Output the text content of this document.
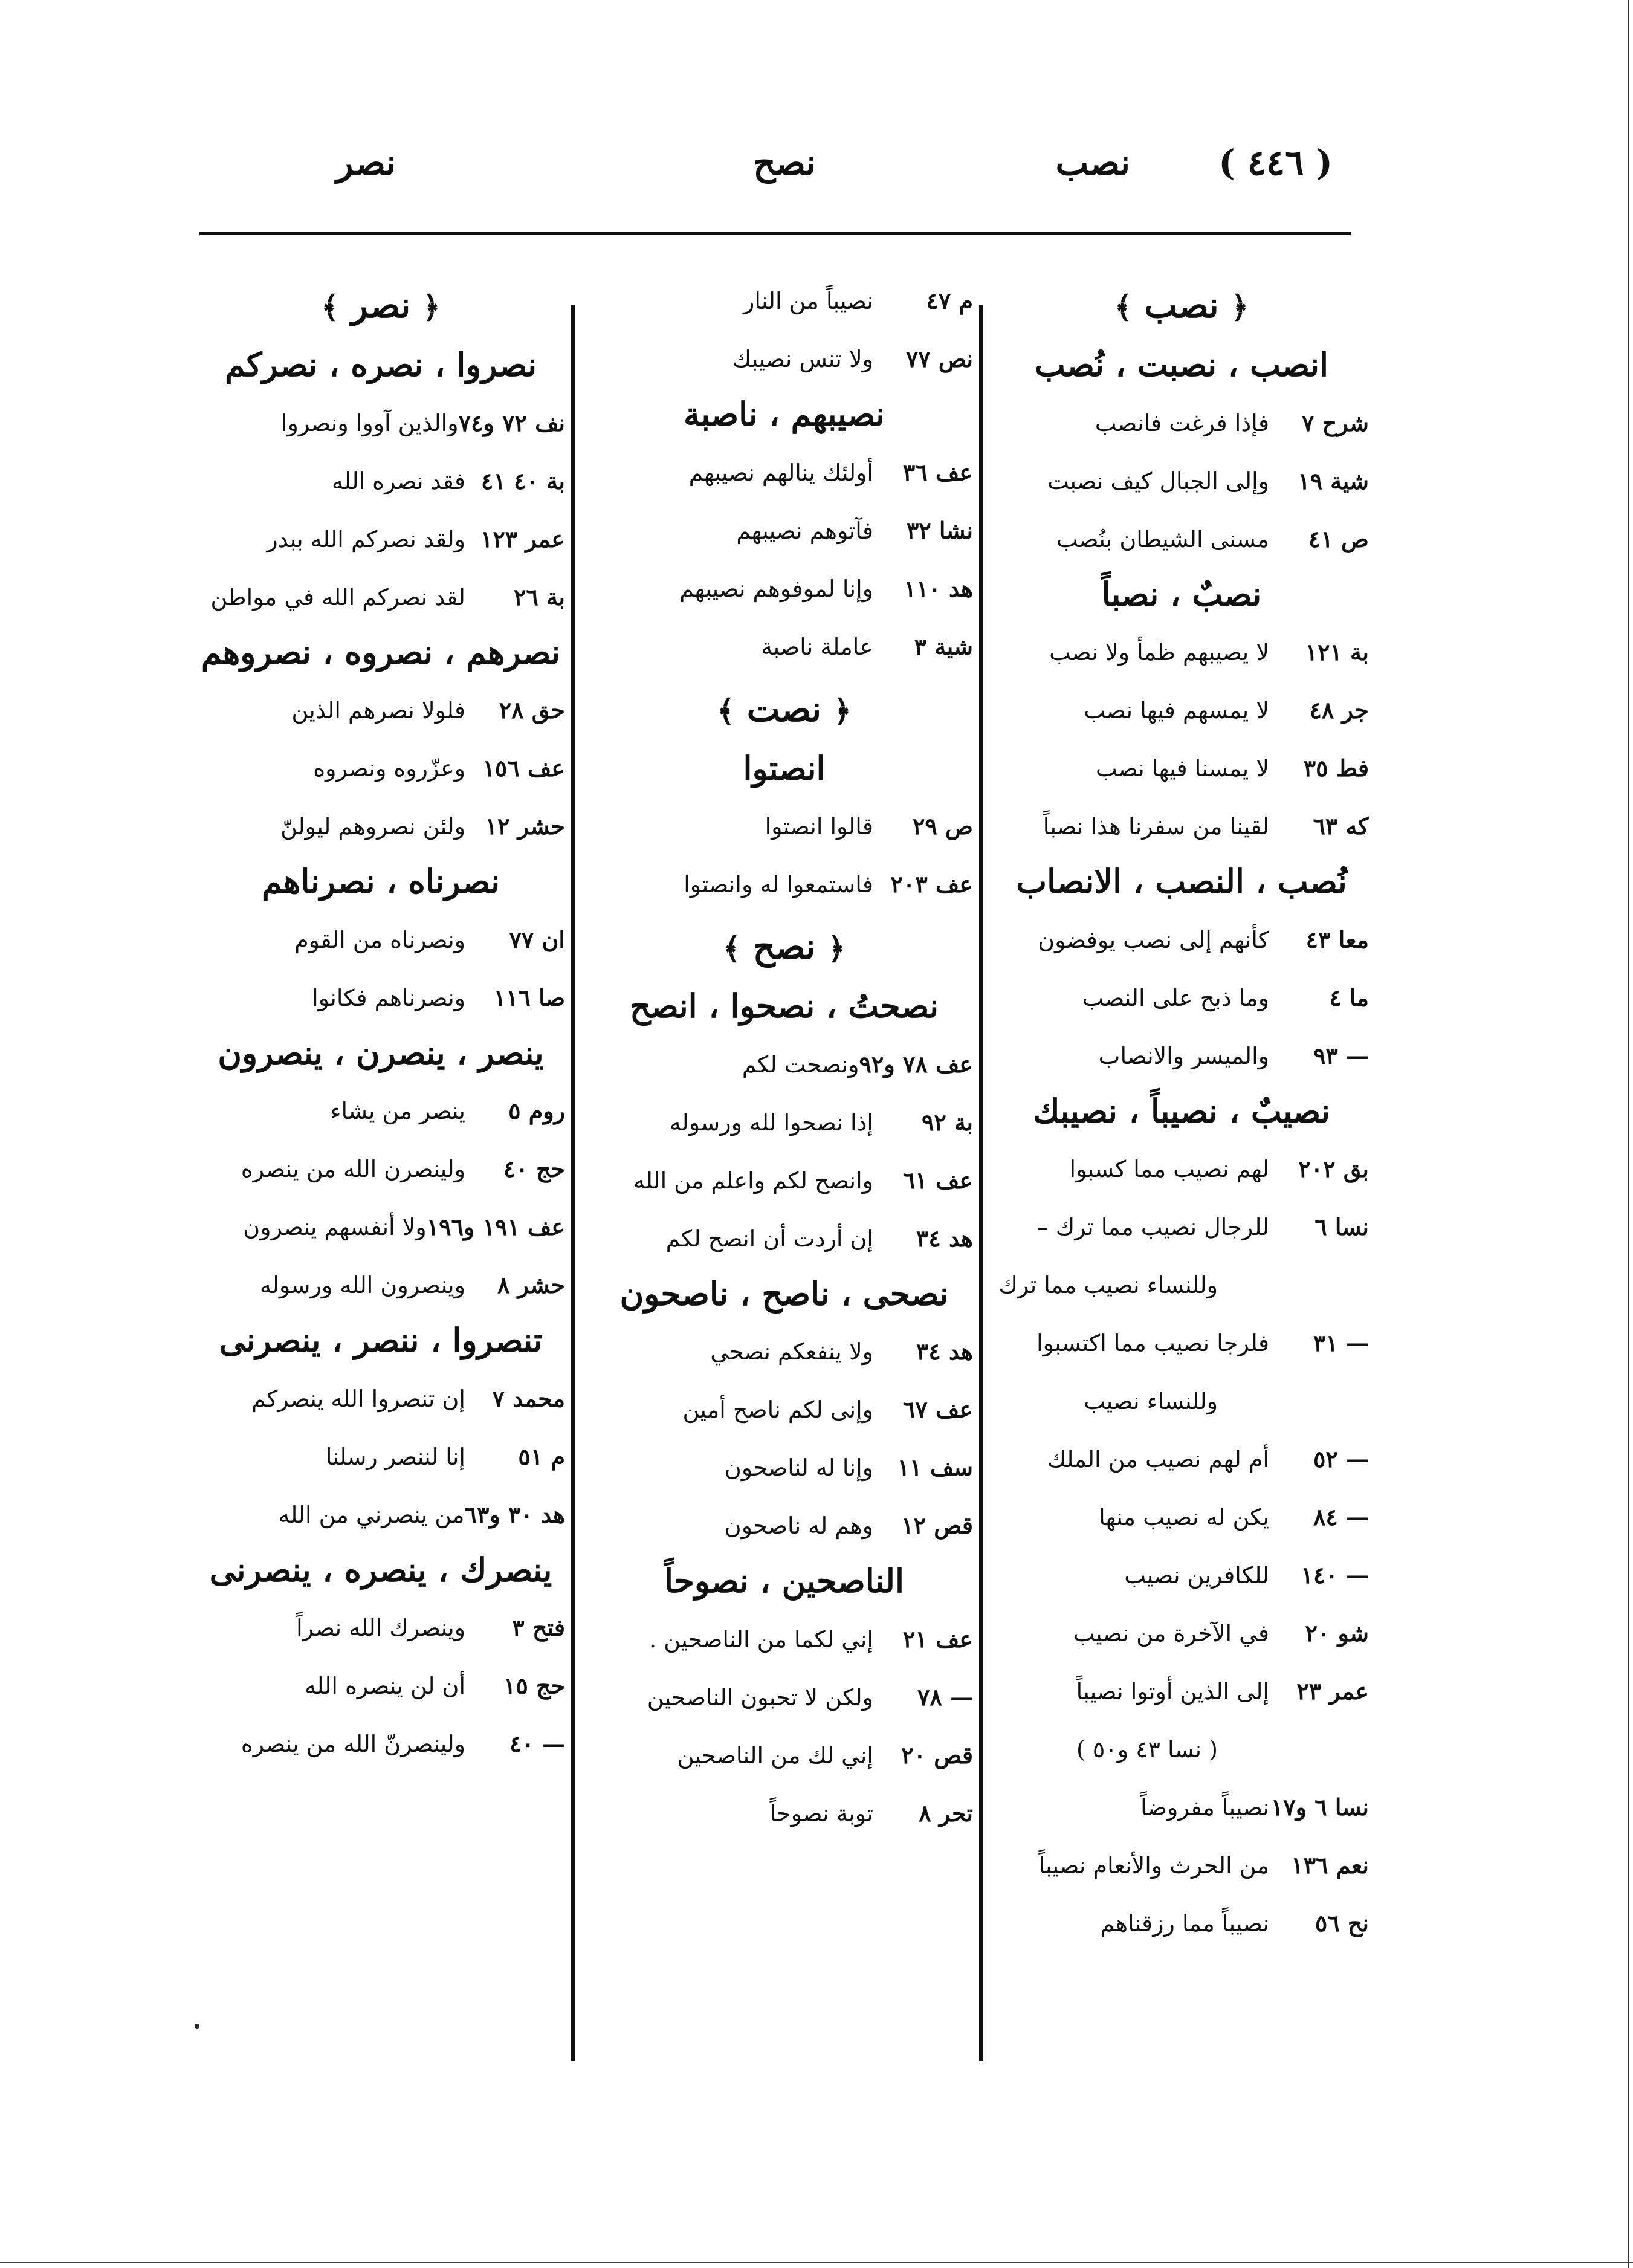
( ٤٤٦ )
نصب
نصح
نصر
﴿ نصب ﴾
انصب ، نصبت ، نُصب
شرح ٧فإذا فرغت فانصب
شية ١٩وإلى الجبال كيف نصبت
ص ٤١مسنى الشيطان بنُصب
نصبٌ ، نصباً
بة ١٢١لا يصيبهم ظمأ ولا نصب
جر ٤٨لا يمسهم فيها نصب
فط ٣٥لا يمسنا فيها نصب
كه ٦٣لقينا من سفرنا هذا نصباً
نُصب ، النصب ، الانصاب
معا ٤٣كأنهم إلى نصب يوفضون
ما ٤وما ذبح على النصب
— ٩٣والميسر والانصاب
نصيبٌ ، نصيباً ، نصيبك
بق ٢٠٢لهم نصيب مما كسبوا
نسا ٦للرجال نصيب مما ترك –
وللنساء نصيب مما ترك
— ٣١فلرجا نصيب مما اكتسبوا
وللنساء نصيب
— ٥٢أم لهم نصيب من الملك
— ٨٤يكن له نصيب منها
— ١٤٠للكافرين نصيب
شو ٢٠في الآخرة من نصيب
عمر ٢٣إلى الذين أوتوا نصيباً
( نسا ٤٣ و٥٠ )
نسا ٦ و١٧نصيباً مفروضاً
نعم ١٣٦من الحرث والأنعام نصيباً
نح ٥٦نصيباً مما رزقناهم
م ٤٧نصيباً من النار
نص ٧٧ولا تنس نصيبك
نصيبهم ، ناصبة
عف ٣٦أولئك ينالهم نصيبهم
نشا ٣٢فآتوهم نصيبهم
هد ١١٠وإنا لموفوهم نصيبهم
شية ٣عاملة ناصبة
﴿ نصت ﴾
انصتوا
ص ٢٩قالوا انصتوا
عف ٢٠٣فاستمعوا له وانصتوا
﴿ نصح ﴾
نصحتُ ، نصحوا ، انصح
عف ٧٨ و٩٢ونصحت لكم
بة ٩٢إذا نصحوا لله ورسوله
عف ٦١وانصح لكم واعلم من الله
هد ٣٤إن أردت أن انصح لكم
نصحى ، ناصح ، ناصحون
هد ٣٤ولا ينفعكم نصحي
عف ٦٧وإنى لكم ناصح أمين
سف ١١وإنا له لناصحون
قص ١٢وهم له ناصحون
الناصحين ، نصوحاً
عف ٢١إني لكما من الناصحين .
— ٧٨ولكن لا تحبون الناصحين
قص ٢٠إني لك من الناصحين
تحر ٨توبة نصوحاً
﴿ نصر ﴾
نصروا ، نصره ، نصركم
نف ٧٢ و٧٤والذين آووا ونصروا
بة ٤٠ ٤١فقد نصره الله
عمر ١٢٣ولقد نصركم الله ببدر
بة ٢٦لقد نصركم الله في مواطن
نصرهم ، نصروه ، نصروهم
حق ٢٨فلولا نصرهم الذين
عف ١٥٦وعزّروه ونصروه
حشر ١٢ولئن نصروهم ليولنّ
نصرناه ، نصرناهم
ان ٧٧ونصرناه من القوم
صا ١١٦ونصرناهم فكانوا
ينصر ، ينصرن ، ينصرون
روم ٥ينصر من يشاء
حج ٤٠ولينصرن الله من ينصره
عف ١٩١ و١٩٦ولا أنفسهم ينصرون
حشر ٨وينصرون الله ورسوله
تنصروا ، ننصر ، ينصرنى
محمد ٧إن تنصروا الله ينصركم
م ٥١إنا لننصر رسلنا
هد ٣٠ و٦٣من ينصرني من الله
ينصرك ، ينصره ، ينصرنى
فتح ٣وينصرك الله نصراً
حج ١٥أن لن ينصره الله
— ٤٠ولينصرنّ الله من ينصره
